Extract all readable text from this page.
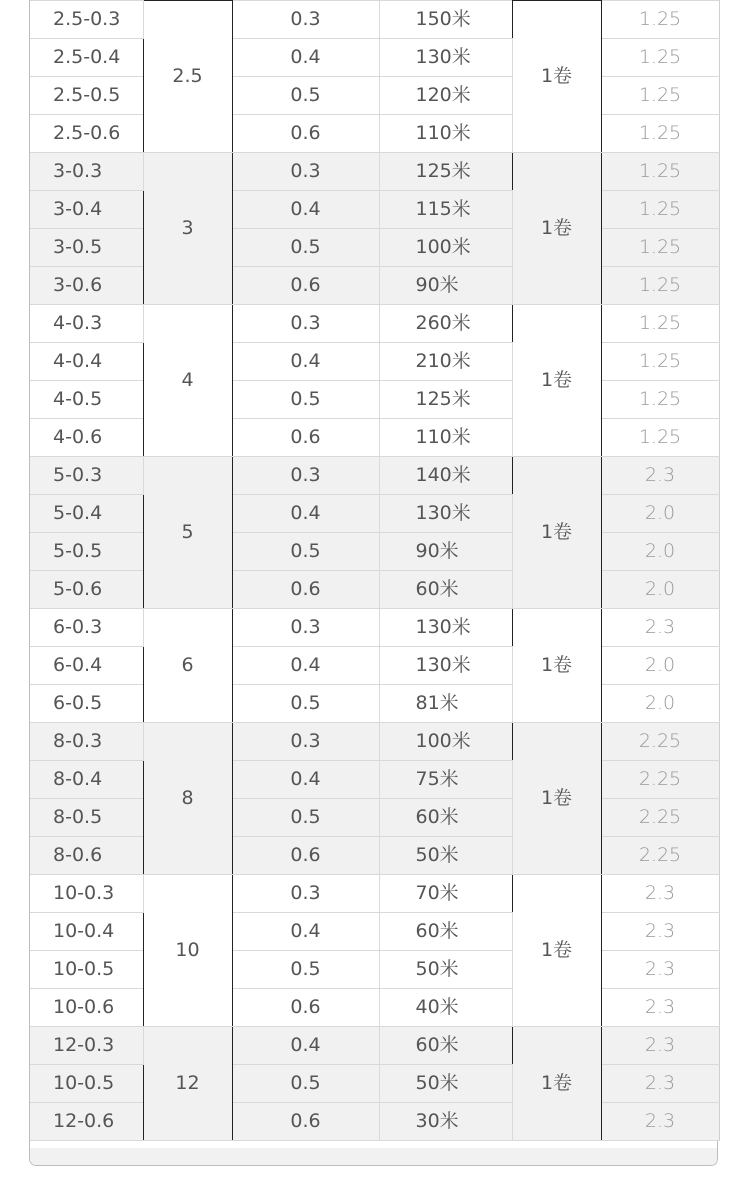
2.5-0.3	2.5	0.3	150米	1卷	1.25
2.5-0.4		0.4	130米		1.25
2.5-0.5		0.5	120米		1.25
2.5-0.6		0.6	110米		1.25
3-0.3	3	0.3	125米	1卷	1.25
3-0.4		0.4	115米		1.25
3-0.5		0.5	100米		1.25
3-0.6		0.6	90米		1.25
4-0.3	4	0.3	260米	1卷	1.25
4-0.4		0.4	210米		1.25
4-0.5		0.5	125米		1.25
4-0.6		0.6	110米		1.25
5-0.3	5	0.3	140米	1卷	2.3
5-0.4		0.4	130米		2.0
5-0.5		0.5	90米		2.0
5-0.6		0.6	60米		2.0
6-0.3	6	0.3	130米	1卷	2.3
6-0.4		0.4	130米		2.0
6-0.5		0.5	81米		2.0
8-0.3	8	0.3	100米	1卷	2.25
8-0.4		0.4	75米		2.25
8-0.5		0.5	60米		2.25
8-0.6		0.6	50米		2.25
10-0.3	10	0.3	70米	1卷	2.3
10-0.4		0.4	60米		2.3
10-0.5		0.5	50米		2.3
10-0.6		0.6	40米		2.3
12-0.3	12	0.4	60米	1卷	2.3
10-0.5		0.5	50米		2.3
12-0.6		0.6	30米		2.3
